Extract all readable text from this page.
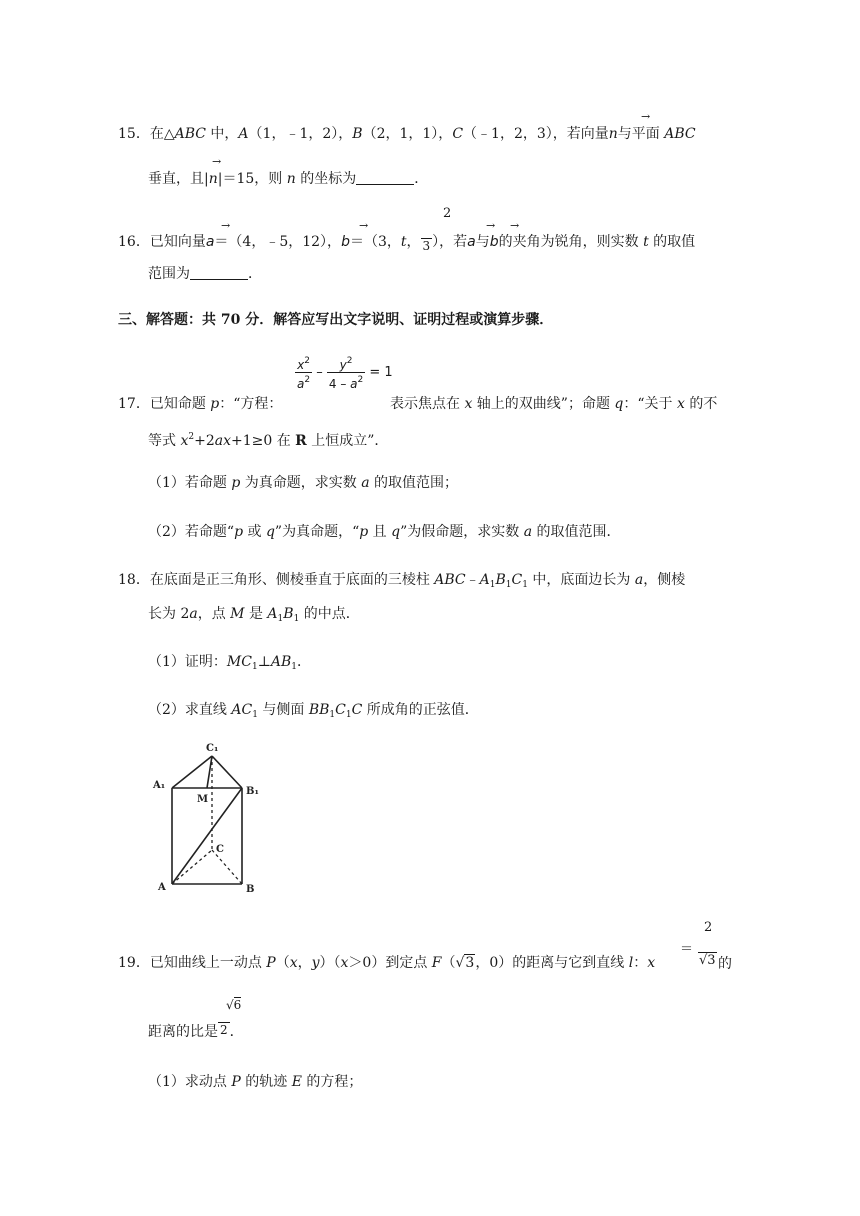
→
15．在△ABC 中，A（1，﹣1，2），B（2，1，1），C（﹣1，2，3），若向量n与平面 ABC
→
垂直，且|n|＝15，则 n 的坐标为	．
2
→	→	→ →
16．已知向量a＝（4，﹣5，12），b＝（3，t， 3 ），若a与b的夹角为锐角，则实数 t 的取值
范围为	．
三、解答题：共 70 分．解答应写出文字说明、证明过程或演算步骤．
$\frac{x^2}{a^2} - \frac{y^2}{4 - a^2} = 1$
17．已知命题 p：“方程：	表示焦点在 x 轴上的双曲线”；命题 q：“关于 x 的不
等式 $x^2+2ax+1\ge 0$ 在 R 上恒成立”．
（1）若命题 p 为真命题，求实数 a 的取值范围；
（2）若命题“p 或 q”为真命题，“p 且 q”为假命题，求实数 a 的取值范围．
18．在底面是正三角形、侧棱垂直于底面的三棱柱 $ABC﹣A_1B_1C_1$ 中，底面边长为 a，侧棱
长为 2a，点 M 是 $A_1B_1$ 的中点．
（1）证明：$MC_1\perp AB_1$．
（2）求直线 $AC_1$ 与侧面 $BB_1C_1C$ 所成角的正弦值．
C₁
A₁
B₁
M
C
A	B
2
＝
19．已知曲线上一动点 P（x，y）（x＞0）到定点 F（√3，0）的距离与它到直线 l：x	√3 的
√6
距离的比是 2 ．
（1）求动点 P 的轨迹 E 的方程；
